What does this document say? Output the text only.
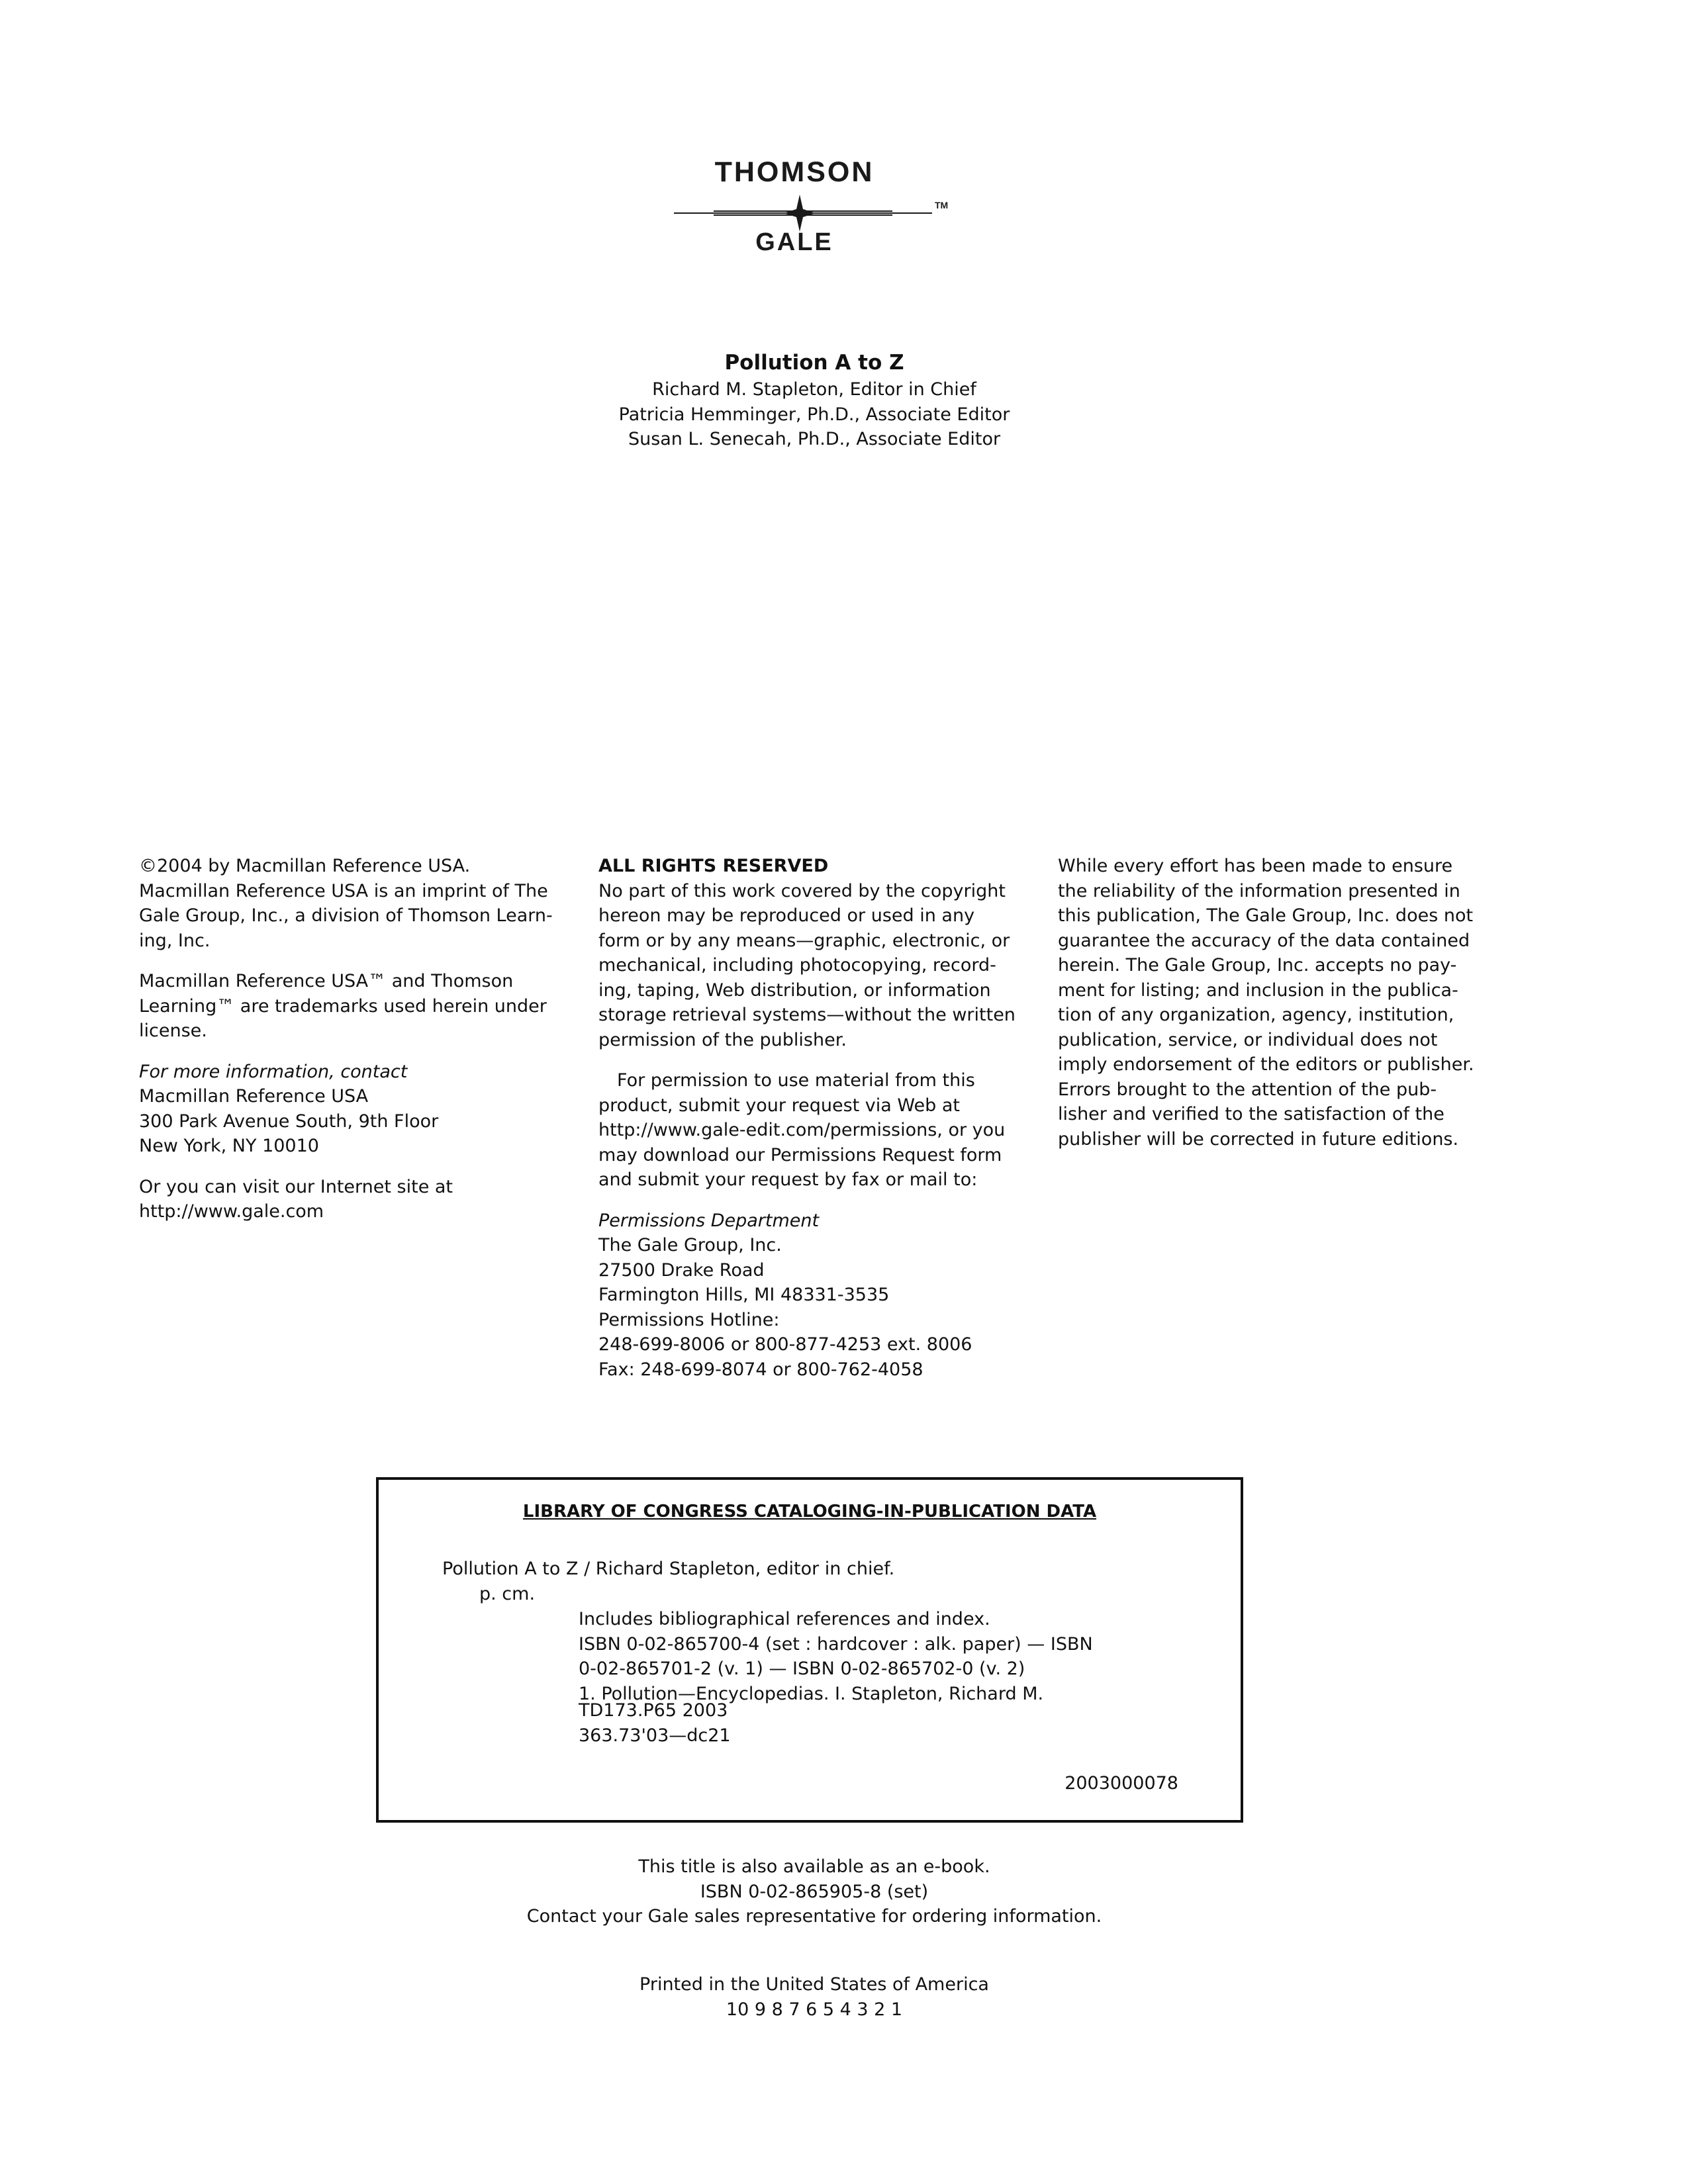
THOMSON
TM
GALE
Pollution A to Z
Richard M. Stapleton, Editor in Chief
Patricia Hemminger, Ph.D., Associate Editor
Susan L. Senecah, Ph.D., Associate Editor

©2004 by Macmillan Reference USA.
Macmillan Reference USA is an imprint of The
Gale Group, Inc., a division of Thomson Learn-
ing, Inc.

Macmillan Reference USA™ and Thomson
Learning™ are trademarks used herein under
license.

For more information, contact
Macmillan Reference USA
300 Park Avenue South, 9th Floor
New York, NY 10010

Or you can visit our Internet site at
http://www.gale.com

ALL RIGHTS RESERVED
No part of this work covered by the copyright
hereon may be reproduced or used in any
form or by any means—graphic, electronic, or
mechanical, including photocopying, record-
ing, taping, Web distribution, or information
storage retrieval systems—without the written
permission of the publisher.

For permission to use material from this
product, submit your request via Web at
http://www.gale-edit.com/permissions, or you
may download our Permissions Request form
and submit your request by fax or mail to:

Permissions Department
The Gale Group, Inc.
27500 Drake Road
Farmington Hills, MI 48331-3535
Permissions Hotline:
248-699-8006 or 800-877-4253 ext. 8006
Fax: 248-699-8074 or 800-762-4058

While every effort has been made to ensure
the reliability of the information presented in
this publication, The Gale Group, Inc. does not
guarantee the accuracy of the data contained
herein. The Gale Group, Inc. accepts no pay-
ment for listing; and inclusion in the publica-
tion of any organization, agency, institution,
publication, service, or individual does not
imply endorsement of the editors or publisher.
Errors brought to the attention of the pub-
lisher and verified to the satisfaction of the
publisher will be corrected in future editions.

LIBRARY OF CONGRESS CATALOGING-IN-PUBLICATION DATA
Pollution A to Z / Richard Stapleton, editor in chief.
p. cm.
Includes bibliographical references and index.
ISBN 0-02-865700-4 (set : hardcover : alk. paper) — ISBN
0-02-865701-2 (v. 1) — ISBN 0-02-865702-0 (v. 2)
1. Pollution—Encyclopedias. I. Stapleton, Richard M.
TD173.P65 2003
363.73'03—dc21
2003000078
This title is also available as an e-book.
ISBN 0-02-865905-8 (set)
Contact your Gale sales representative for ordering information.
Printed in the United States of America
10 9 8 7 6 5 4 3 2 1
